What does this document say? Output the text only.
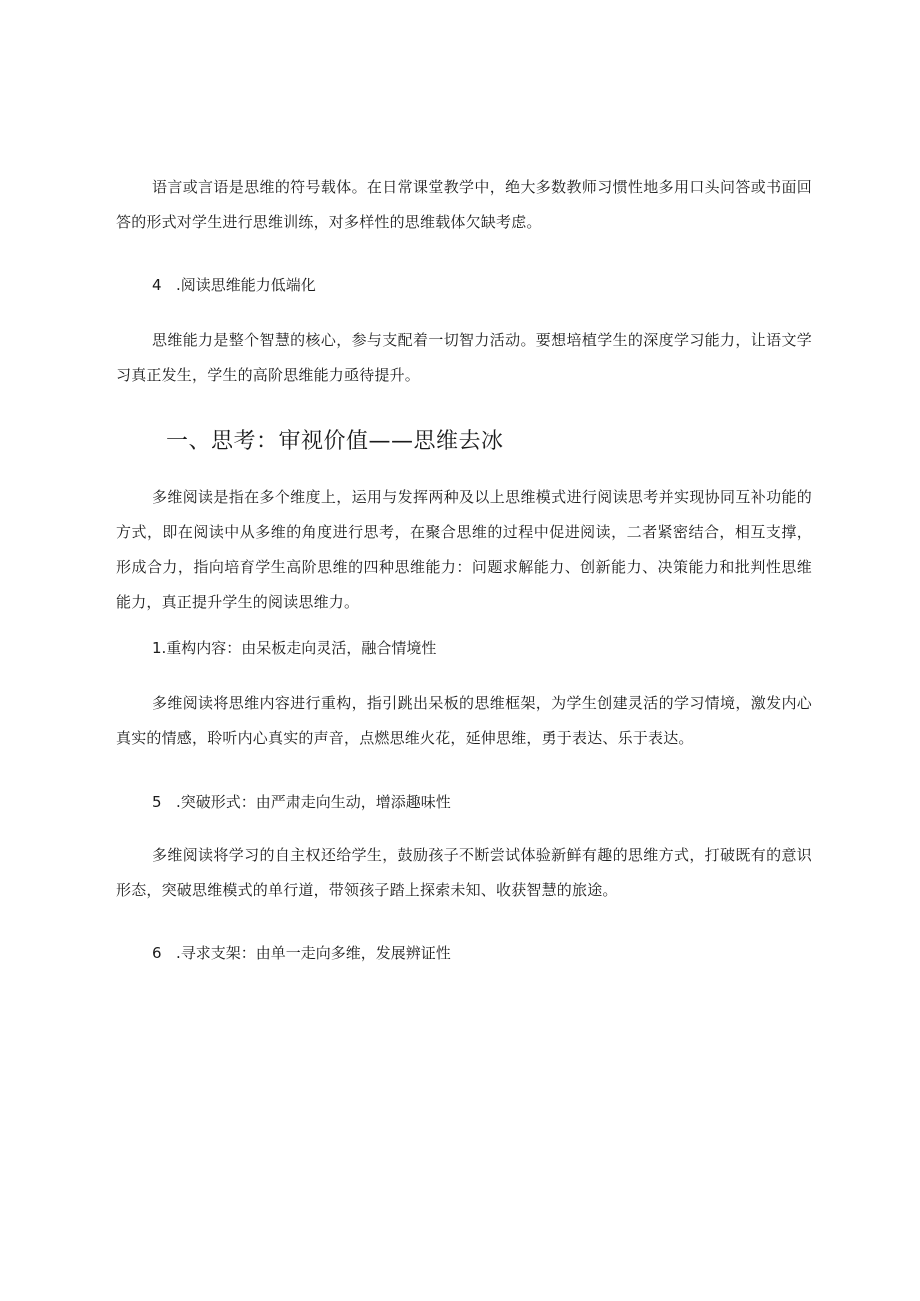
语言或言语是思维的符号载体。在日常课堂教学中，绝大多数教师习惯性地多用口头问答或书面回答的形式对学生进行思维训练，对多样性的思维载体欠缺考虑。

4 .阅读思维能力低端化

思维能力是整个智慧的核心，参与支配着一切智力活动。要想培植学生的深度学习能力，让语文学习真正发生，学生的高阶思维能力亟待提升。

一、思考：审视价值——思维去冰

多维阅读是指在多个维度上，运用与发挥两种及以上思维模式进行阅读思考并实现协同互补功能的方式，即在阅读中从多维的角度进行思考，在聚合思维的过程中促进阅读，二者紧密结合，相互支撑，形成合力，指向培育学生高阶思维的四种思维能力：问题求解能力、创新能力、决策能力和批判性思维能力，真正提升学生的阅读思维力。

1.重构内容：由呆板走向灵活，融合情境性

多维阅读将思维内容进行重构，指引跳出呆板的思维框架，为学生创建灵活的学习情境，激发内心真实的情感，聆听内心真实的声音，点燃思维火花，延伸思维，勇于表达、乐于表达。

5 .突破形式：由严肃走向生动，增添趣味性

多维阅读将学习的自主权还给学生，鼓励孩子不断尝试体验新鲜有趣的思维方式，打破既有的意识形态，突破思维模式的单行道，带领孩子踏上探索未知、收获智慧的旅途。

6 .寻求支架：由单一走向多维，发展辨证性
